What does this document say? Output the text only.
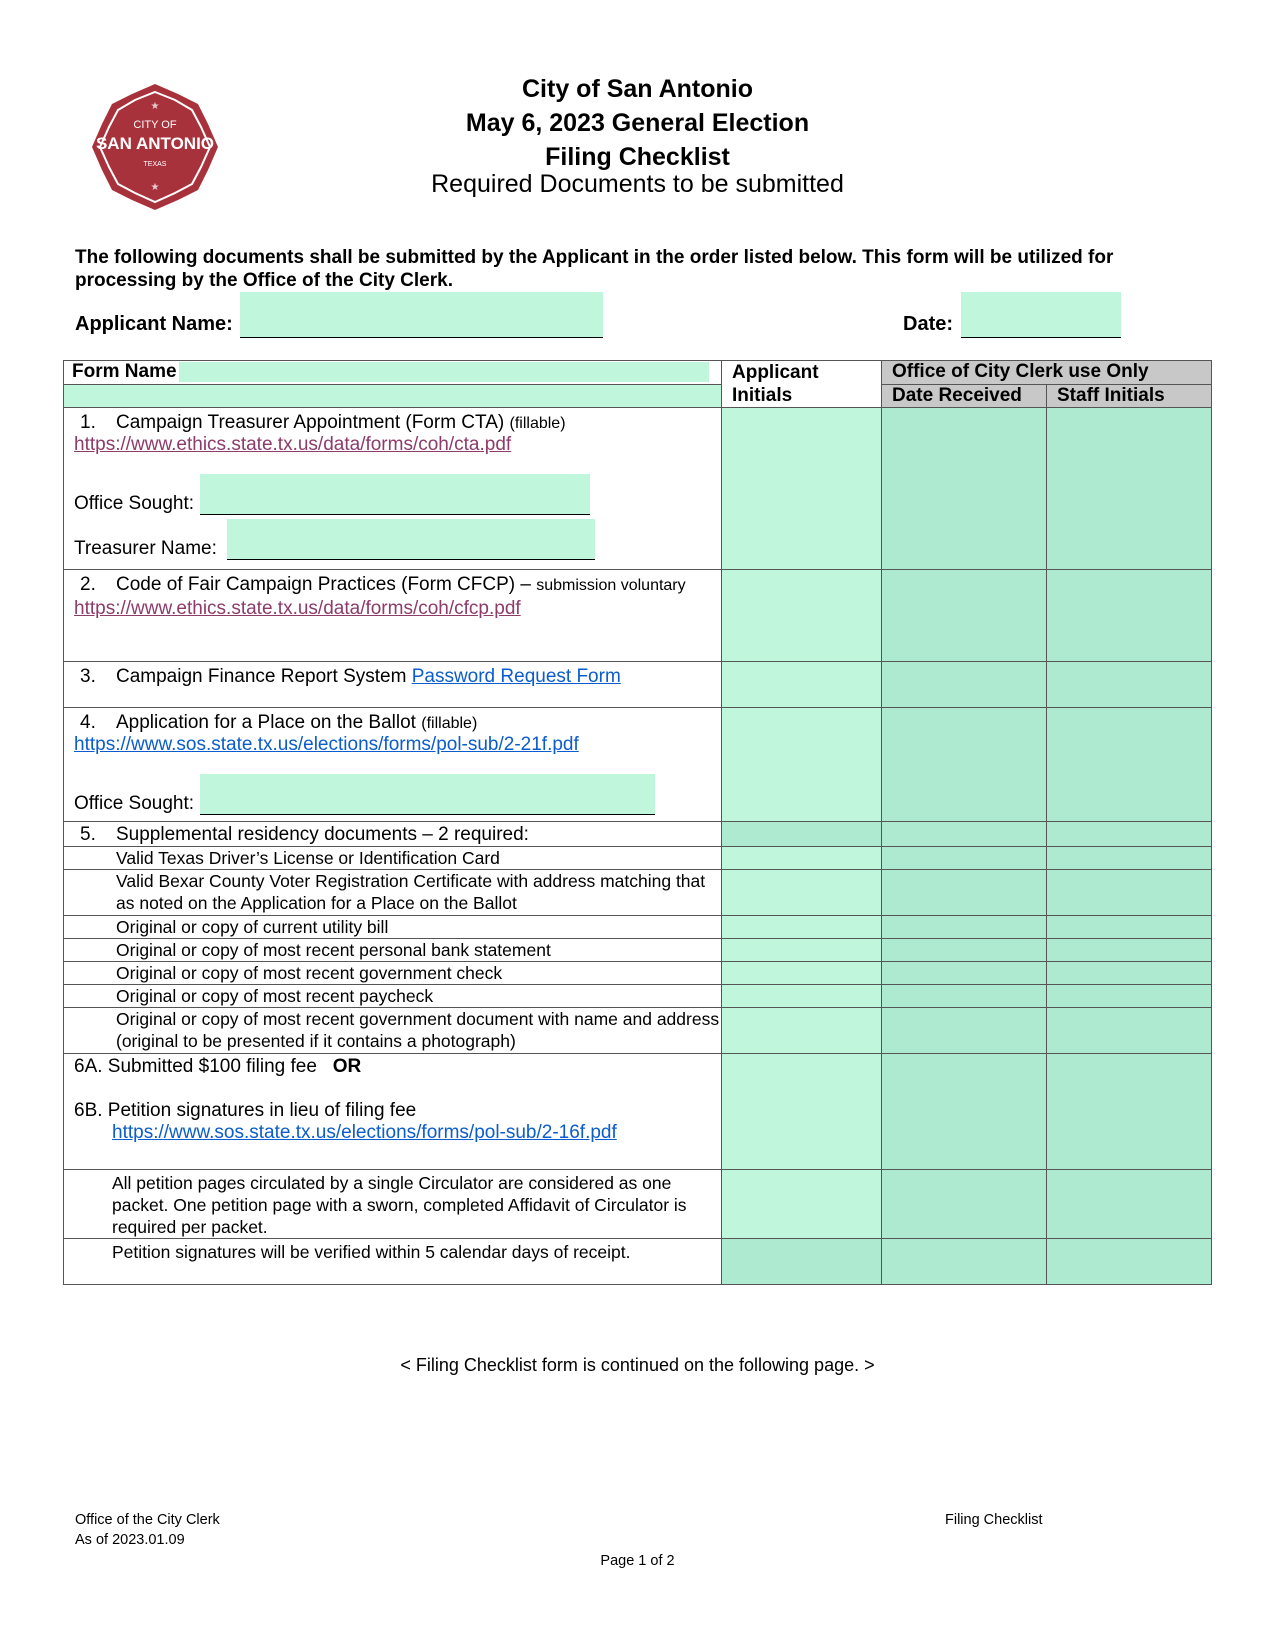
★
CITY OF
SAN ANTONIO
TEXAS
★
City of San Antonio
May 6, 2023 General Election
Filing Checklist
Required Documents to be submitted
The following documents shall be submitted by the Applicant in the order listed below. This form will be utilized for processing by the Office of the City Clerk.
Applicant Name:	Date:
Form Name	Applicant Initials	Office of City Clerk use Only	
		Date Received	Staff Initials

1. Campaign Treasurer Appointment (Form CTA) (fillable)
https://www.ethics.state.tx.us/data/forms/coh/cta.pdf
Office Sought:
Treasurer Name:			

2. Code of Fair Campaign Practices (Form CFCP) – submission voluntary
https://www.ethics.state.tx.us/data/forms/coh/cfcp.pdf			

3. Campaign Finance Report System Password Request Form			

4. Application for a Place on the Ballot (fillable)
https://www.sos.state.tx.us/elections/forms/pol-sub/2-21f.pdf
Office Sought:			

5. Supplemental residency documents – 2 required:			
Valid Texas Driver’s License or Identification Card			
Valid Bexar County Voter Registration Certificate with address matching that as noted on the Application for a Place on the Ballot			
Original or copy of current utility bill			
Original or copy of most recent personal bank statement			
Original or copy of most recent government check			
Original or copy of most recent paycheck			
Original or copy of most recent government document with name and address (original to be presented if it contains a photograph)			

6A. Submitted $100 filing fee OR
6B. Petition signatures in lieu of filing fee
https://www.sos.state.tx.us/elections/forms/pol-sub/2-16f.pdf			

All petition pages circulated by a single Circulator are considered as one packet. One petition page with a sworn, completed Affidavit of Circulator is required per packet.			
Petition signatures will be verified within 5 calendar days of receipt.			
< Filing Checklist form is continued on the following page. >
Office of the City Clerk
As of 2023.01.09
Filing Checklist
Page 1 of 2
